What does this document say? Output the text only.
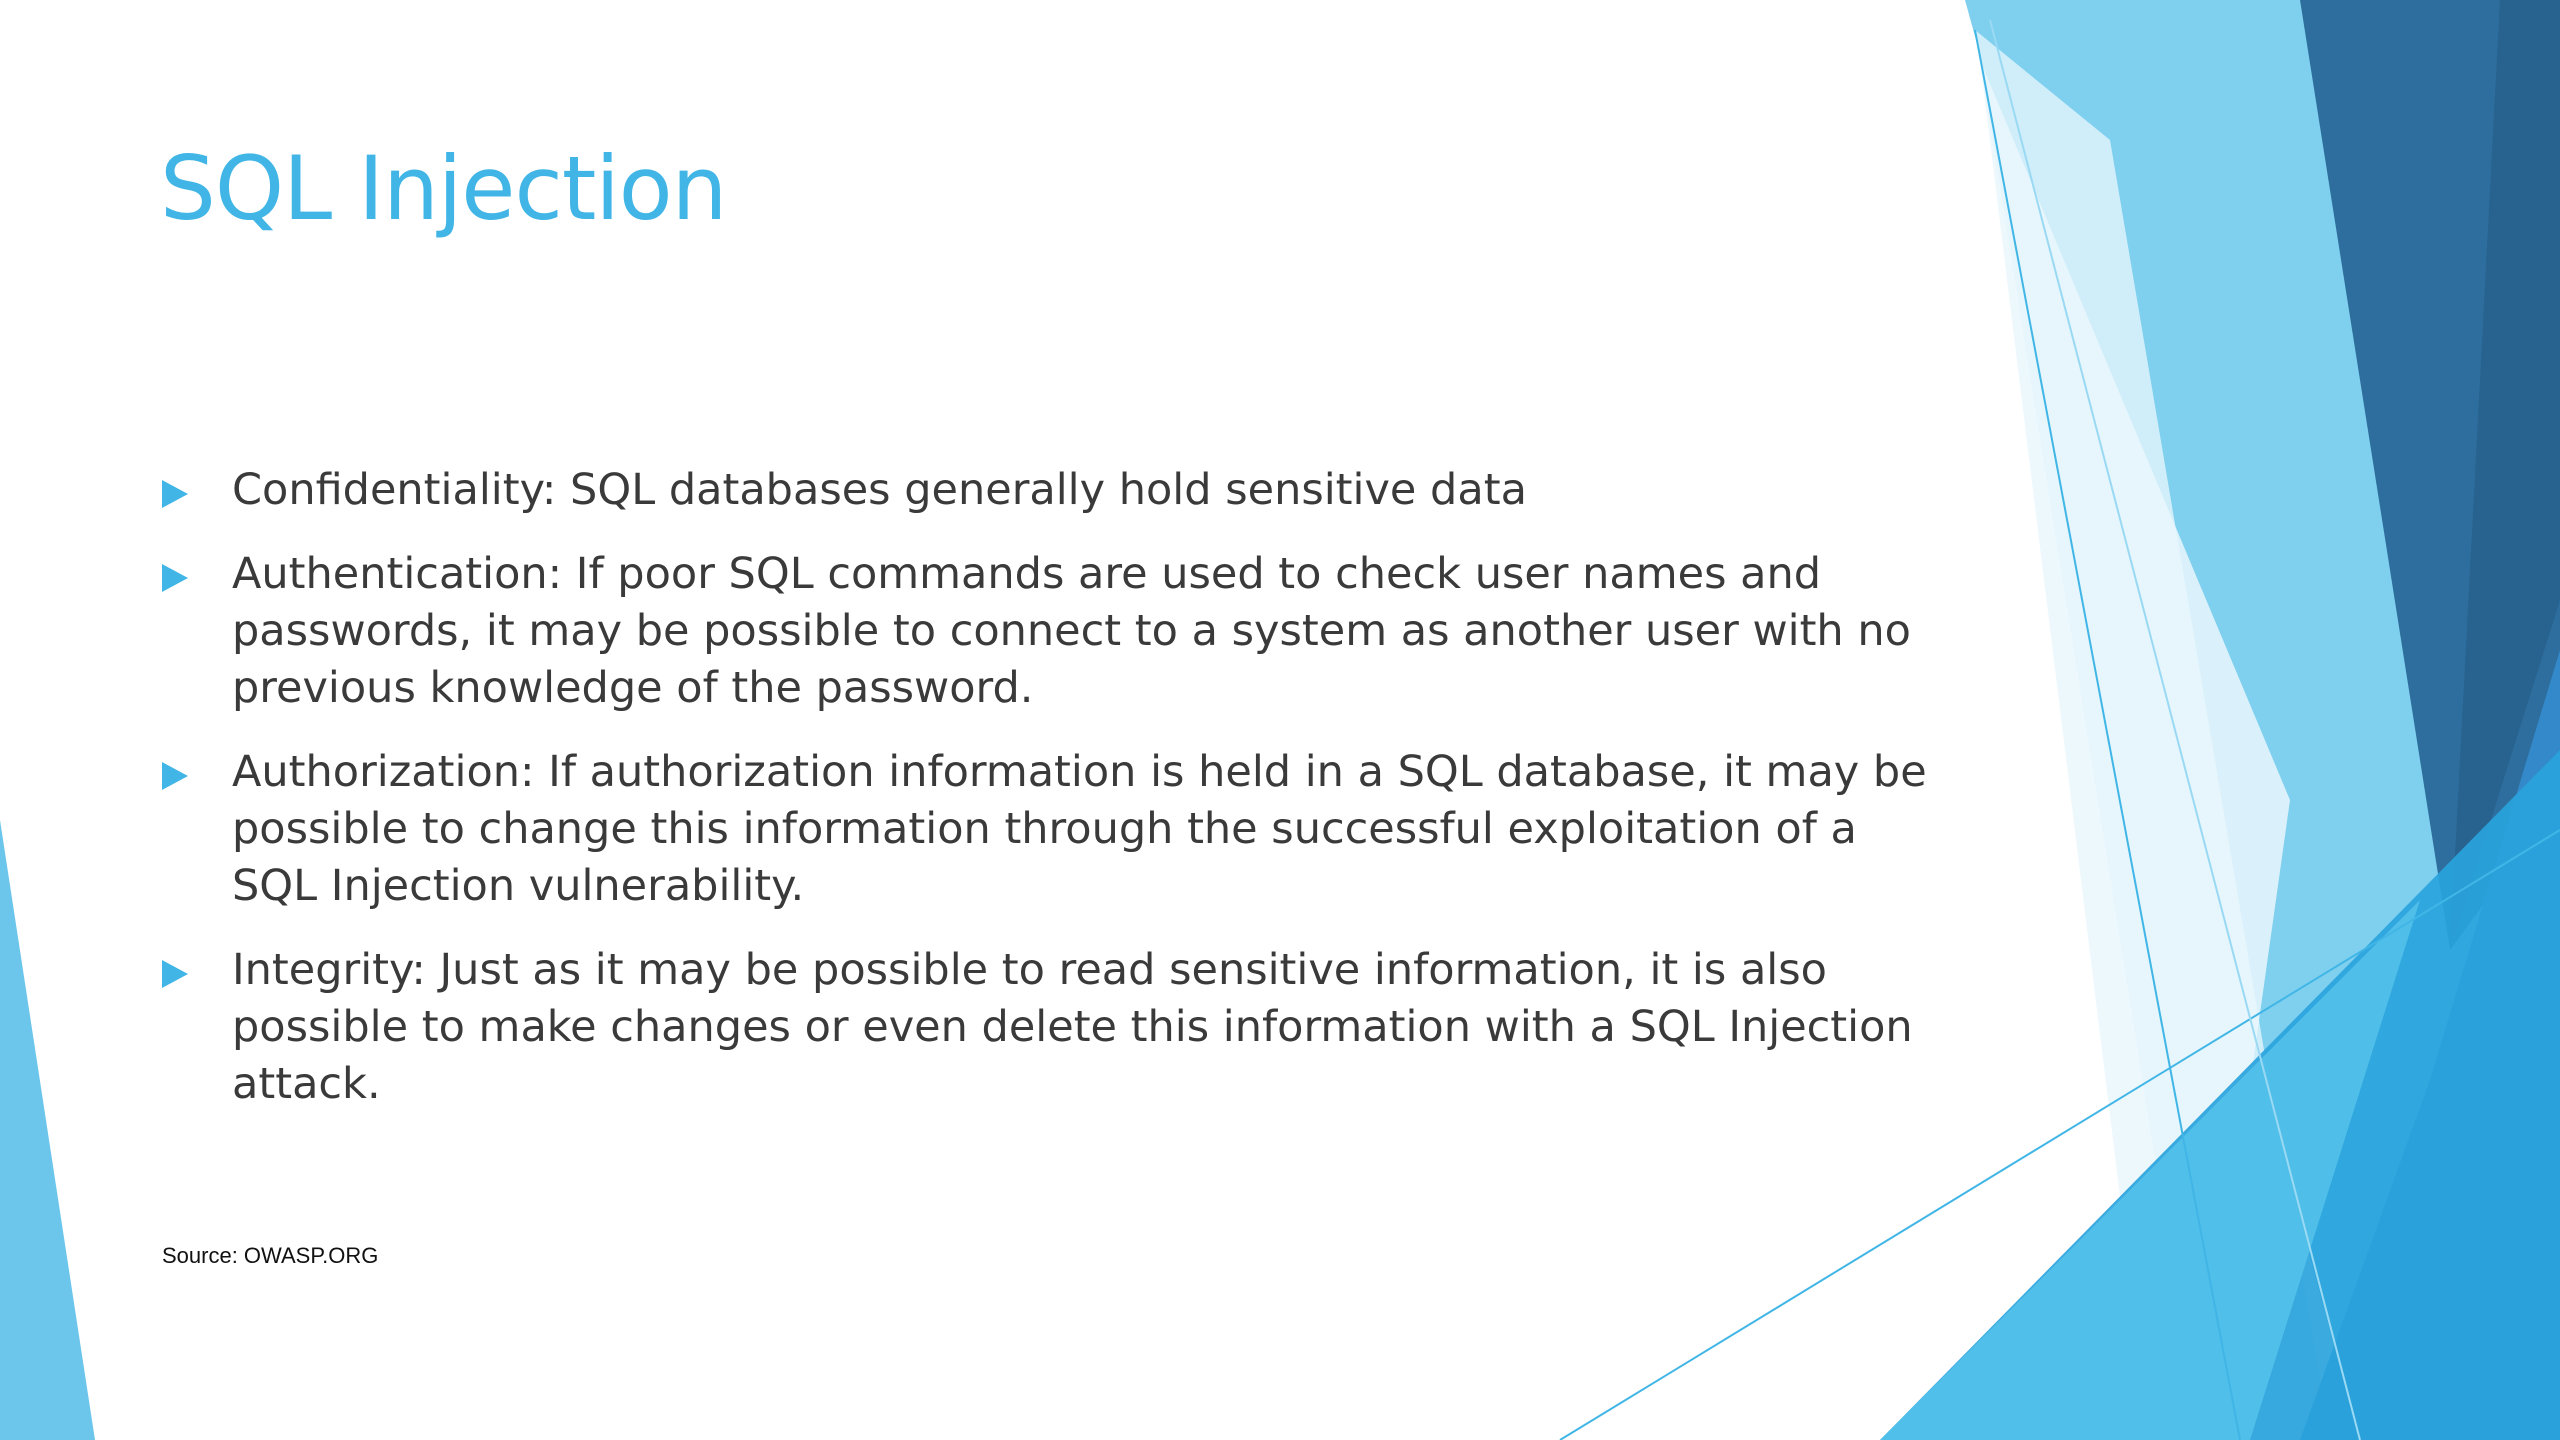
SQL Injection
Confidentiality: SQL databases generally hold sensitive data
Authentication: If poor SQL commands are used to check user names and passwords, it may be possible to connect to a system as another user with no previous knowledge of the password.
Authorization: If authorization information is held in a SQL database, it may be possible to change this information through the successful exploitation of a SQL Injection vulnerability.
Integrity: Just as it may be possible to read sensitive information, it is also possible to make changes or even delete this information with a SQL Injection attack.
Source: OWASP.ORG
